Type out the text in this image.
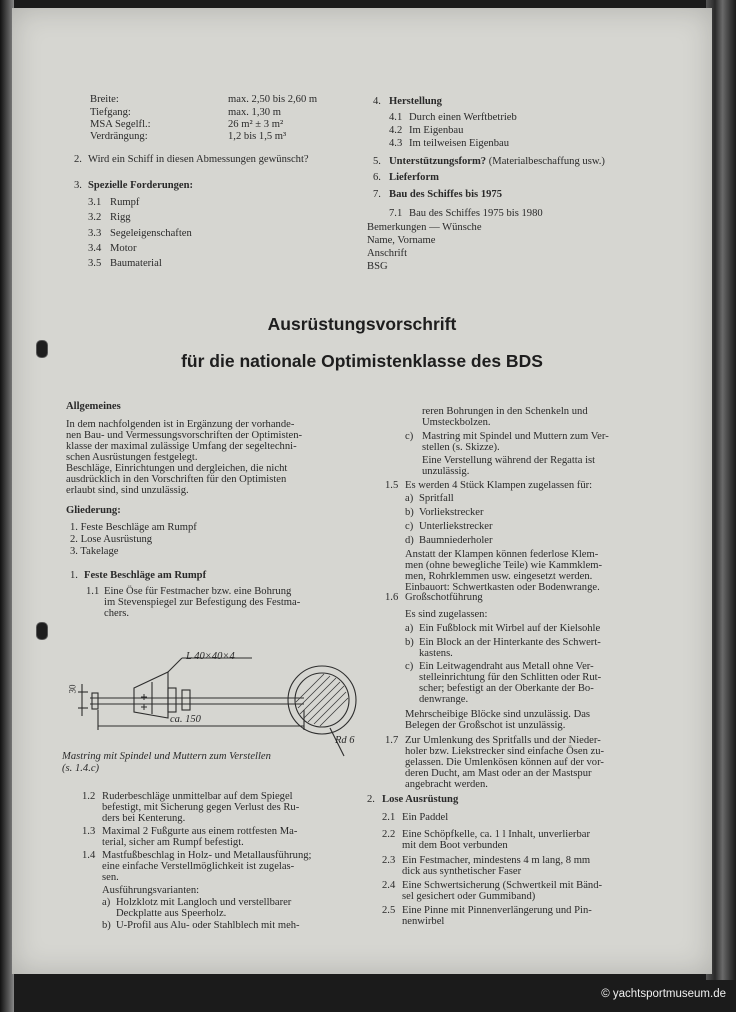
Breite:	max. 2,50 bis 2,60 m
Tiefgang:	max. 1,30 m
MSA Segelfl.:	26 m² ± 3 m²
Verdrängung:	1,2 bis 1,5 m³
2. Wird ein Schiff in diesen Abmessungen gewünscht?
3. Spezielle Forderungen:
3.1 Rumpf
3.2 Rigg
3.3 Segeleigenschaften
3.4 Motor
3.5 Baumaterial
4. Herstellung
4.1 Durch einen Werftbetrieb
4.2 Im Eigenbau
4.3 Im teilweisen Eigenbau
5. Unterstützungsform? (Materialbeschaffung usw.)
6. Lieferform
7. Bau des Schiffes bis 1975
7.1 Bau des Schiffes 1975 bis 1980
Bemerkungen — Wünsche
Name, Vorname
Anschrift
BSG
Ausrüstungsvorschrift
für die nationale Optimistenklasse des BDS
Allgemeines
In dem nachfolgenden ist in Ergänzung der vorhande-
nen Bau- und Vermessungsvorschriften der Optimisten-
klasse der maximal zulässige Umfang der segeltechni-
schen Ausrüstungen festgelegt.
Beschläge, Einrichtungen und dergleichen, die nicht
ausdrücklich in den Vorschriften für den Optimisten
erlaubt sind, sind unzulässig.
Gliederung:
1. Feste Beschläge am Rumpf
2. Lose Ausrüstung
3. Takelage
1. Feste Beschläge am Rumpf
1.1 Eine Öse für Festmacher bzw. eine Bohrung
im Stevenspiegel zur Befestigung des Festma-
chers.
L 40×40×4
30
ca. 150
Rd 6
Mastring mit Spindel und Muttern zum Verstellen
(s. 1.4.c)
1.2 Ruderbeschläge unmittelbar auf dem Spiegel
befestigt, mit Sicherung gegen Verlust des Ru-
ders bei Kenterung.
1.3 Maximal 2 Fußgurte aus einem rottfesten Ma-
terial, sicher am Rumpf befestigt.
1.4 Mastfußbeschlag in Holz- und Metallausführung;
eine einfache Verstellmöglichkeit ist zugelas-
sen.
Ausführungsvarianten:
a) Holzklotz mit Langloch und verstellbarer
Deckplatte aus Speerholz.
b) U-Profil aus Alu- oder Stahlblech mit meh-
reren Bohrungen in den Schenkeln und
Umsteckbolzen.
c) Mastring mit Spindel und Muttern zum Ver-
stellen (s. Skizze).
Eine Verstellung während der Regatta ist
unzulässig.
1.5 Es werden 4 Stück Klampen zugelassen für:
a) Spritfall
b) Vorliekstrecker
c) Unterliekstrecker
d) Baumniederholer
Anstatt der Klampen können federlose Klem-
men (ohne bewegliche Teile) wie Kammklem-
men, Rohrklemmen usw. eingesetzt werden.
Einbauort: Schwertkasten oder Bodenwrange.
1.6 Großschotführung
Es sind zugelassen:
a) Ein Fußblock mit Wirbel auf der Kielsohle
b) Ein Block an der Hinterkante des Schwert-
kastens.
c) Ein Leitwagendraht aus Metall ohne Ver-
stelleinrichtung für den Schlitten oder Rut-
scher; befestigt an der Oberkante der Bo-
denwrange.
Mehrscheibige Blöcke sind unzulässig. Das
Belegen der Großschot ist unzulässig.
1.7 Zur Umlenkung des Spritfalls und der Nieder-
holer bzw. Liekstrecker sind einfache Ösen zu-
gelassen. Die Umlenkösen können auf der vor-
deren Ducht, am Mast oder an der Mastspur
angebracht werden.
2. Lose Ausrüstung
2.1 Ein Paddel
2.2 Eine Schöpfkelle, ca. 1 l Inhalt, unverlierbar
mit dem Boot verbunden
2.3 Ein Festmacher, mindestens 4 m lang, 8 mm
dick aus synthetischer Faser
2.4 Eine Schwertsicherung (Schwertkeil mit Bänd-
sel gesichert oder Gummiband)
2.5 Eine Pinne mit Pinnenverlängerung und Pin-
nenwirbel
© yachtsportmuseum.de
